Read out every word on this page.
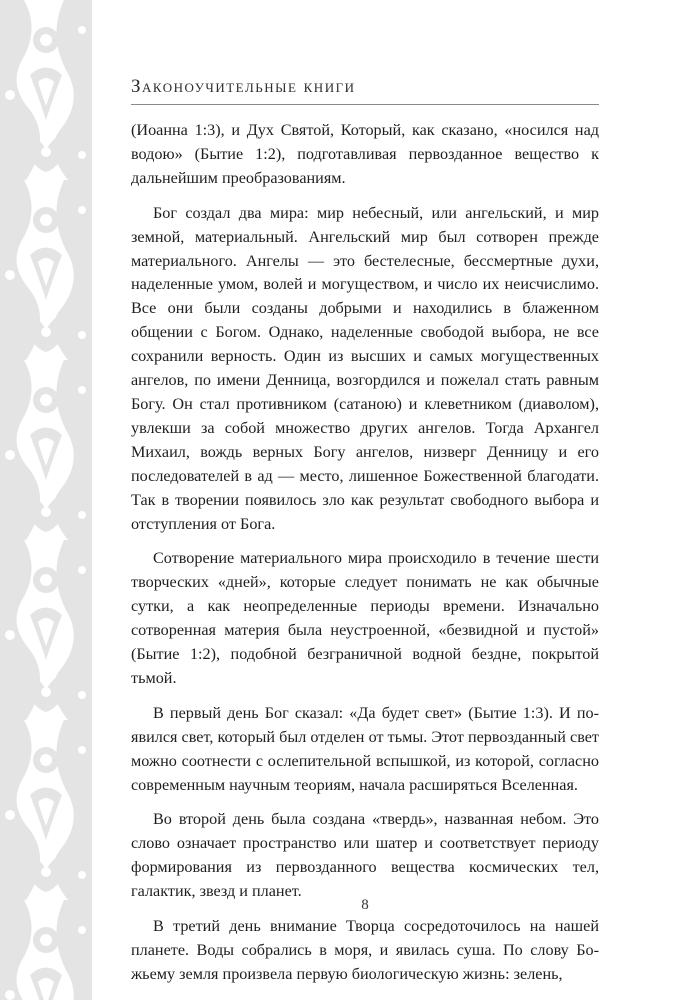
Законоучительные книги

(Иоанна 1:3), и Дух Святой, Который, как сказано, «носился над водою» (Бытие 1:2), подготавливая первозданное вещество к дальнейшим преобразованиям.

Бог создал два мира: мир небесный, или ангельский, и мир земной, материальный. Ангельский мир был сотворен прежде материального. Ангелы — это бестелесные, бессмертные духи, наделенные умом, волей и могуществом, и число их неисчислимо. Все они были созданы добрыми и находились в блаженном общении с Богом. Однако, наделенные свободой выбора, не все сохранили верность. Один из высших и самых могущественных ангелов, по имени Денница, возгордился и пожелал стать равным Богу. Он стал противником (сатаною) и клеветником (диаволом), увлекши за собой множество других ангелов. Тогда Архангел Михаил, вождь верных Богу ангелов, низверг Денницу и его последователей в ад — место, лишенное Божественной благодати. Так в творении появилось зло как результат свободного выбора и отступления от Бога.

Сотворение материального мира происходило в течение шести творческих «дней», которые следует понимать не как обычные сутки, а как неопределенные периоды времени. Изначально сотворенная материя была неустроенной, «безвидной и пустой» (Бытие 1:2), подобной безграничной водной бездне, покрытой тьмой.

В первый день Бог сказал: «Да будет свет» (Бытие 1:3). И появился свет, который был отделен от тьмы. Этот первозданный свет можно соотнести с ослепительной вспышкой, из которой, согласно современным научным теориям, начала расширяться Вселенная.

Во второй день была создана «твердь», названная небом. Это слово означает пространство или шатер и соответствует периоду формирования из первозданного вещества космических тел, галактик, звезд и планет.

В третий день внимание Творца сосредоточилось на нашей планете. Воды собрались в моря, и явилась суша. По слову Божьему земля произвела первую биологическую жизнь: зелень,

8
